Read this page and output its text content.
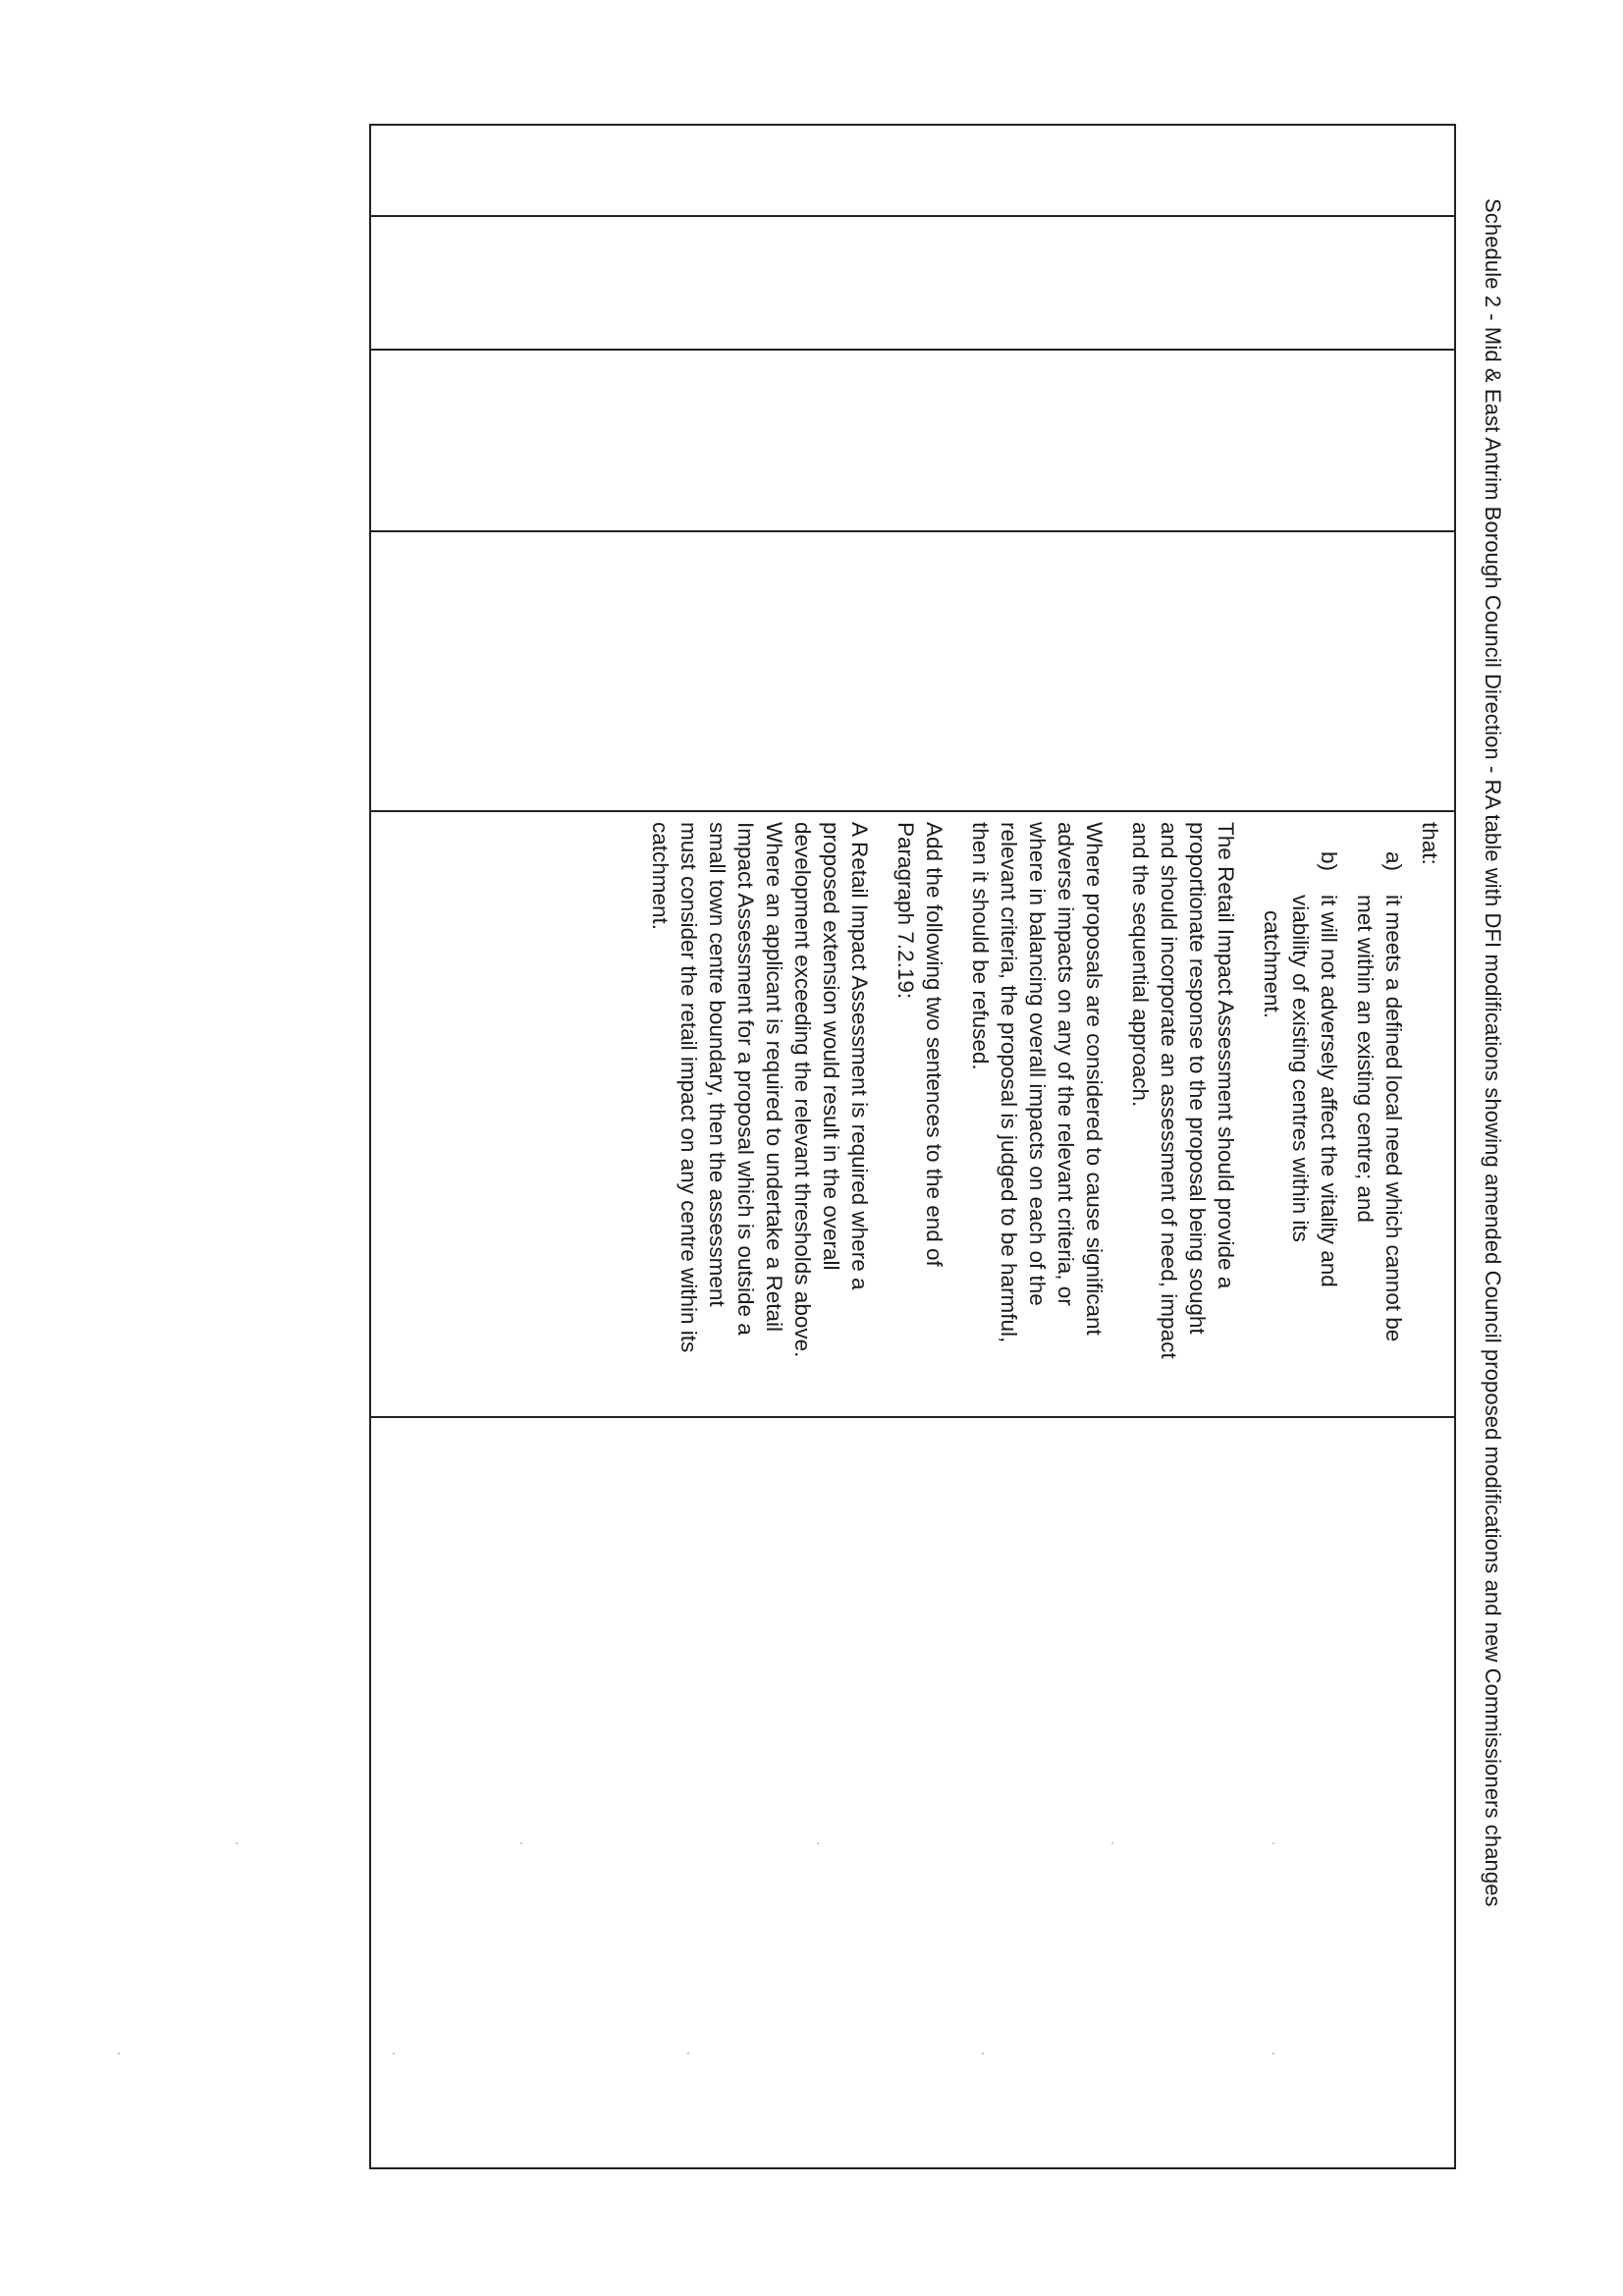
Schedule 2 - Mid & East Antrim Borough Council Direction - RA table with DFI modifications showing amended Council proposed modifications and new Commissioners changes

that:

a)
it meets a defined local need which cannot be
met within an existing centre; and
b)
it will not adversely affect the vitality and
viability of existing centres within its
catchment.
The Retail Impact Assessment should provide a
proportionate response to the proposal being sought
and should incorporate an assessment of need, impact
and the sequential approach.
Where proposals are considered to cause significant
adverse impacts on any of the relevant criteria, or
where in balancing overall impacts on each of the
relevant criteria, the proposal is judged to be harmful,
then it should be refused.
Add the following two sentences to the end of
Paragraph 7.2.19:
A Retail Impact Assessment is required where a
proposed extension would result in the overall
development exceeding the relevant thresholds above.
Where an applicant is required to undertake a Retail
Impact Assessment for a proposal which is outside a
small town centre boundary, then the assessment
must consider the retail impact on any centre within its
catchment.
